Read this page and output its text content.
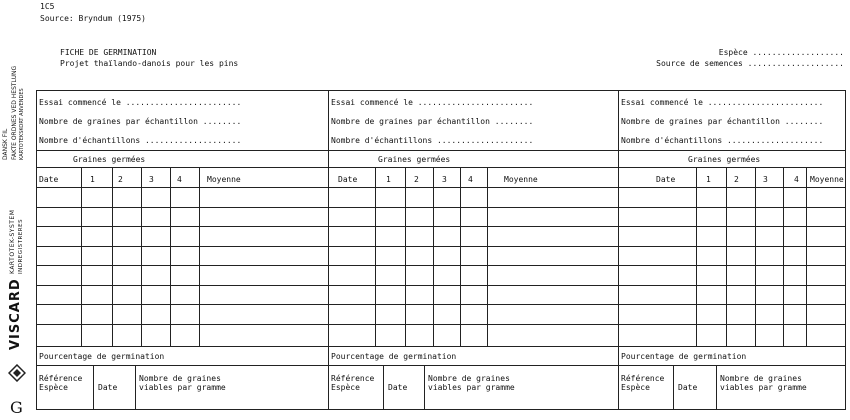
1C5
Source: Bryndum (1975)
FICHE DE GERMINATION
Projet thaïlando-danois pour les pins
Espèce ...................
Source de semences ....................
DANSK FIL FAKTE ORDNES VED HESTLUNG KARTOTEKSKORT ANVENDES
KARTOTEK-SYSTEM INDREGISTRERES
VISCARD
G
Essai commencé le ........................
Nombre de graines par échantillon ........
Nombre d'échantillons ....................
Graines germées
Date	1	2	3	4	Moyenne
Pourcentage de germination
Référence
Espèce	Date
Nombre de graines
viables par gramme
Essai commencé le ........................
Nombre de graines par échantillon ........
Nombre d'échantillons ....................
Graines germées
Date	1	2	3	4	Moyenne
Pourcentage de germination
Référence
Espèce	Date
Nombre de graines
viables par gramme
Essai commencé le ........................
Nombre de graines par échantillon ........
Nombre d'échantillons ....................
Graines germées
Date	1	2	3	4 Moyenne
Pourcentage de germination
Référence
Espèce	Date
Nombre de graines
viables par gramme
